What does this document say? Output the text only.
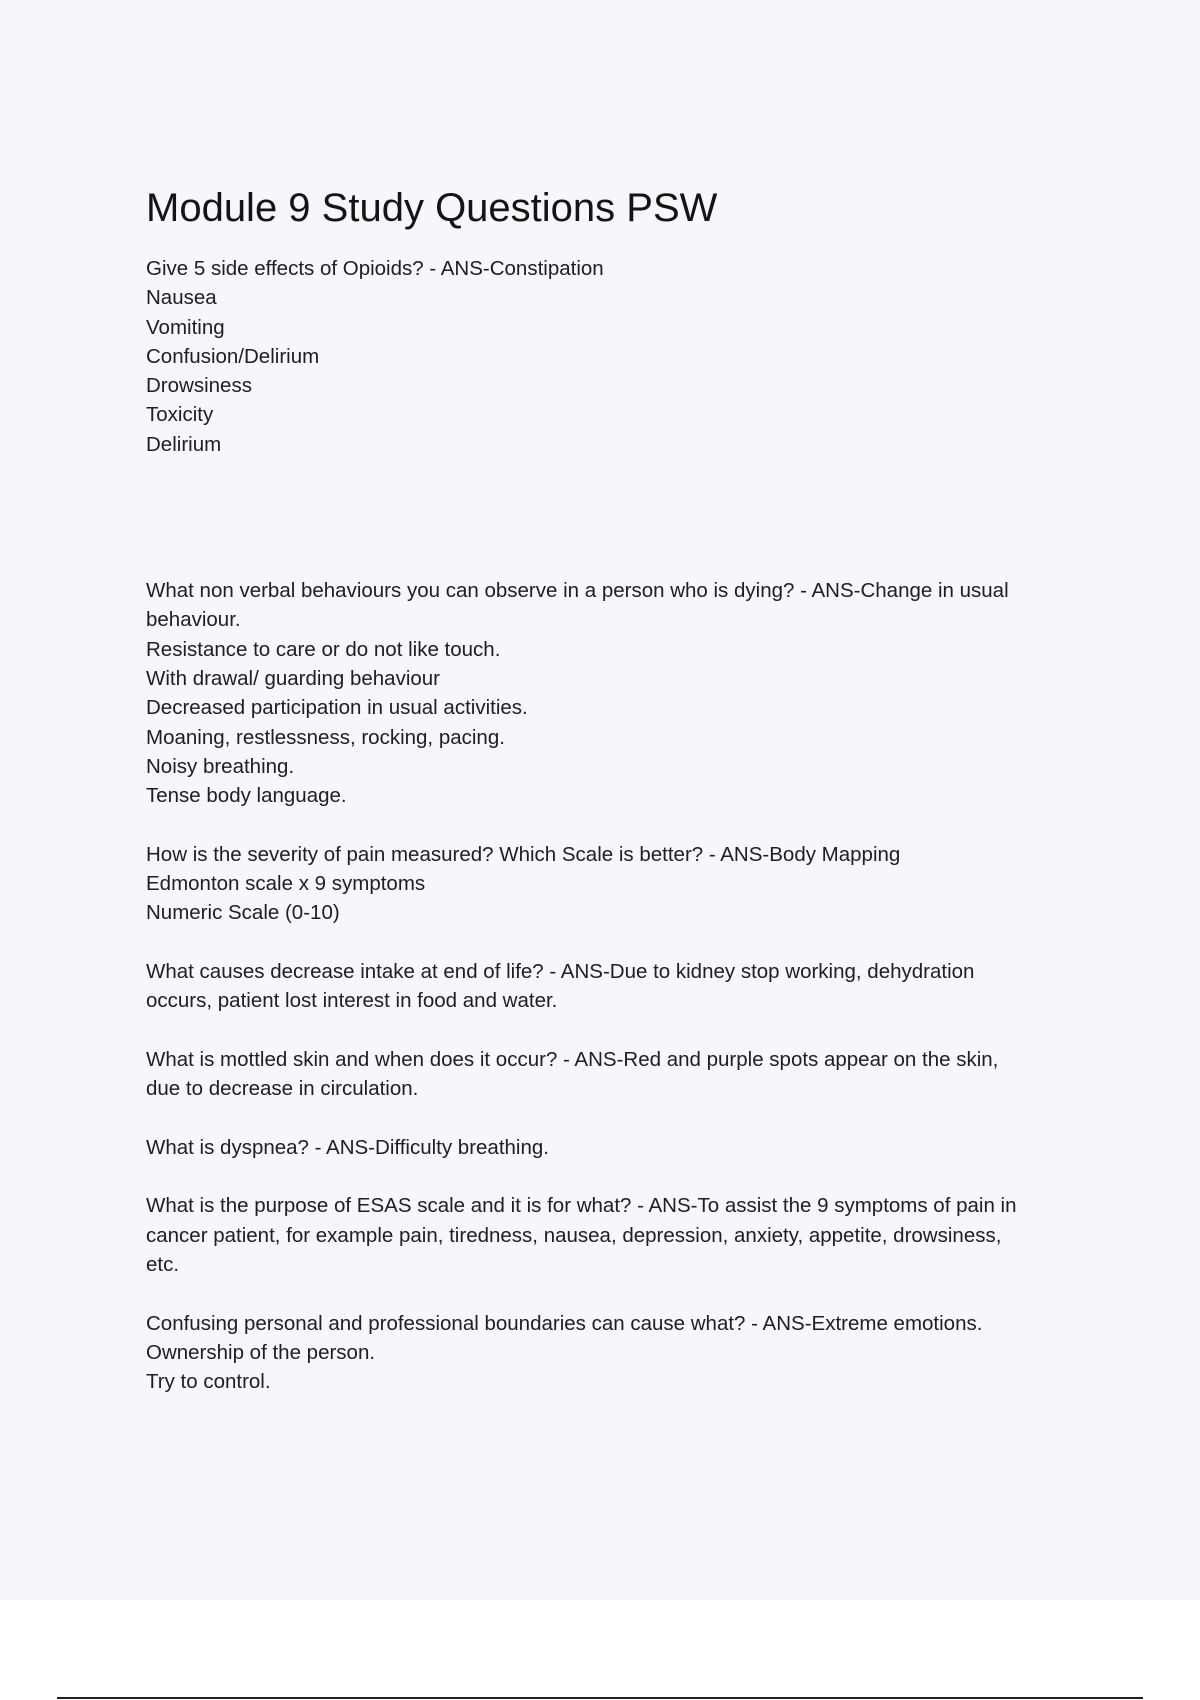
Module 9 Study Questions PSW

Give 5 side effects of Opioids? - ANS-Constipation

Nausea

Vomiting

Confusion/Delirium

Drowsiness

Toxicity

Delirium

What non verbal behaviours you can observe in a person who is dying? - ANS-Change in usual

behaviour.

Resistance to care or do not like touch.

With drawal/ guarding behaviour

Decreased participation in usual activities.

Moaning, restlessness, rocking, pacing.

Noisy breathing.

Tense body language.

How is the severity of pain measured? Which Scale is better? - ANS-Body Mapping

Edmonton scale x 9 symptoms

Numeric Scale (0-10)

What causes decrease intake at end of life? - ANS-Due to kidney stop working, dehydration

occurs, patient lost interest in food and water.

What is mottled skin and when does it occur? - ANS-Red and purple spots appear on the skin,

due to decrease in circulation.

What is dyspnea? - ANS-Difficulty breathing.

What is the purpose of ESAS scale and it is for what? - ANS-To assist the 9 symptoms of pain in

cancer patient, for example pain, tiredness, nausea, depression, anxiety, appetite, drowsiness,

etc.

Confusing personal and professional boundaries can cause what? - ANS-Extreme emotions.

Ownership of the person.

Try to control.
